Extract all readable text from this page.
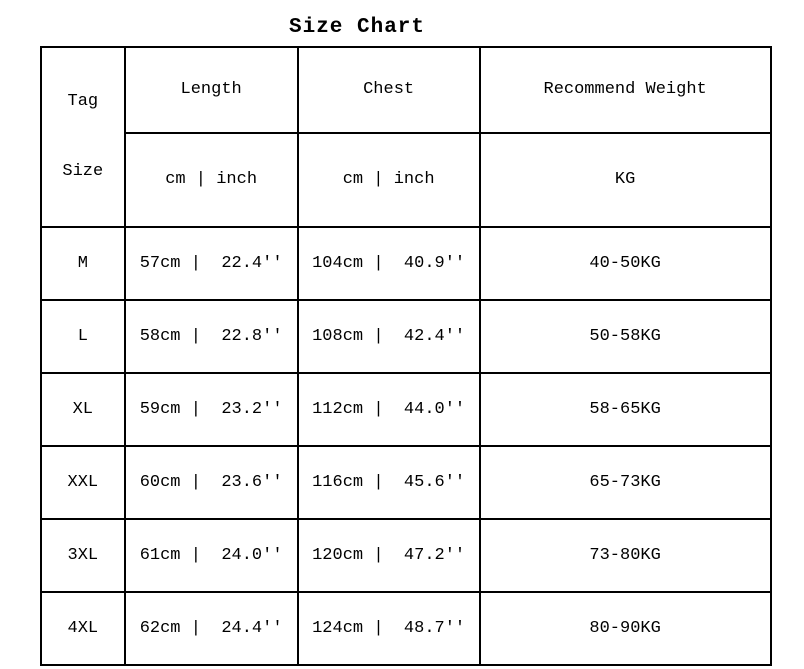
Size Chart

Tag

Size	Length	Chest	Recommend Weight
	cm | inch	cm | inch	KG
M	57cm |  22.4''	104cm |  40.9''	40-50KG
L	58cm |  22.8''	108cm |  42.4''	50-58KG
XL	59cm |  23.2''	112cm |  44.0''	58-65KG
XXL	60cm |  23.6''	116cm |  45.6''	65-73KG
3XL	61cm |  24.0''	120cm |  47.2''	73-80KG
4XL	62cm |  24.4''	124cm |  48.7''	80-90KG
